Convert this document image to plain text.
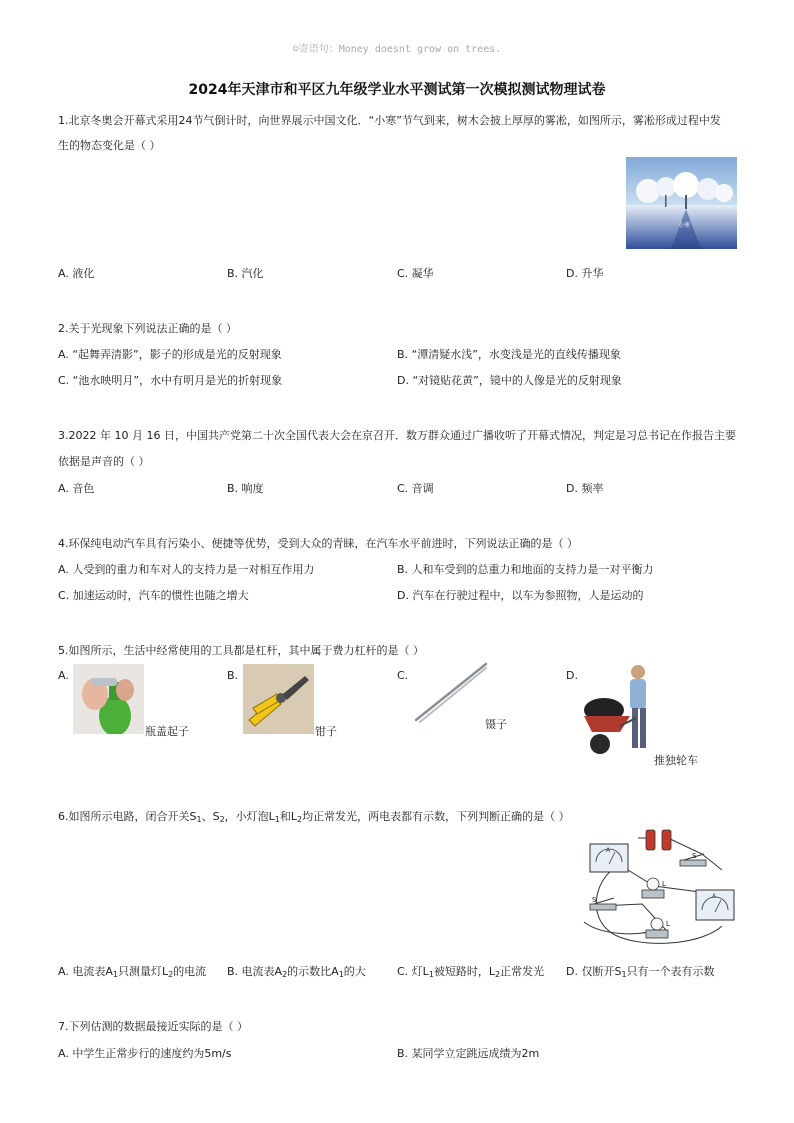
☺寄语句：Money doesnt grow on trees.
2024年天津市和平区九年级学业水平测试第一次模拟测试物理试卷
1.北京冬奥会开幕式采用24节气倒计时，向世界展示中国文化．“小寒”节气到来，树木会披上厚厚的雾凇，如图所示，雾凇形成过程中发
生的物态变化是（ ）
小寒
A. 液化	B. 汽化	C. 凝华	D. 升华
2.关于光现象下列说法正确的是（ ）
A. “起舞弄清影”，影子的形成是光的反射现象	B. “潭清疑水浅”，水变浅是光的直线传播现象
C. “池水映明月”，水中有明月是光的折射现象	D. “对镜贴花黄”，镜中的人像是光的反射现象
3.2022 年 10 月 16 日，中国共产党第二十次全国代表大会在京召开．数万群众通过广播收听了开幕式情况，判定是习总书记在作报告主要
依据是声音的（ ）
A. 音色	B. 响度	C. 音调	D. 频率
4.环保纯电动汽车具有污染小、便捷等优势，受到大众的青睐，在汽车水平前进时，下列说法正确的是（ ）
A. 人受到的重力和车对人的支持力是一对相互作用力	B. 人和车受到的总重力和地面的支持力是一对平衡力
C. 加速运动时，汽车的惯性也随之增大	D. 汽车在行驶过程中，以车为参照物，人是运动的
5.如图所示，生活中经常使用的工具都是杠杆，其中属于费力杠杆的是（ ）
A.
瓶盖起子
B.
钳子
C.
镊子
D.
推独轮车
6.如图所示电路，闭合开关$S_1$、$S_2$，小灯泡$L_1$和$L_2$均正常发光，两电表都有示数，下列判断正确的是（ ）
A
A
S
S
L
L
A. 电流表$A_1$只测量灯$L_2$的电流 B. 电流表$A_2$的示数比$A_1$的大	C. 灯$L_1$被短路时，$L_2$正常发光 D. 仅断开$S_1$只有一个表有示数
7.下列估测的数据最接近实际的是（ ）
A. 中学生正常步行的速度约为5m/s	B. 某同学立定跳远成绩为2m
